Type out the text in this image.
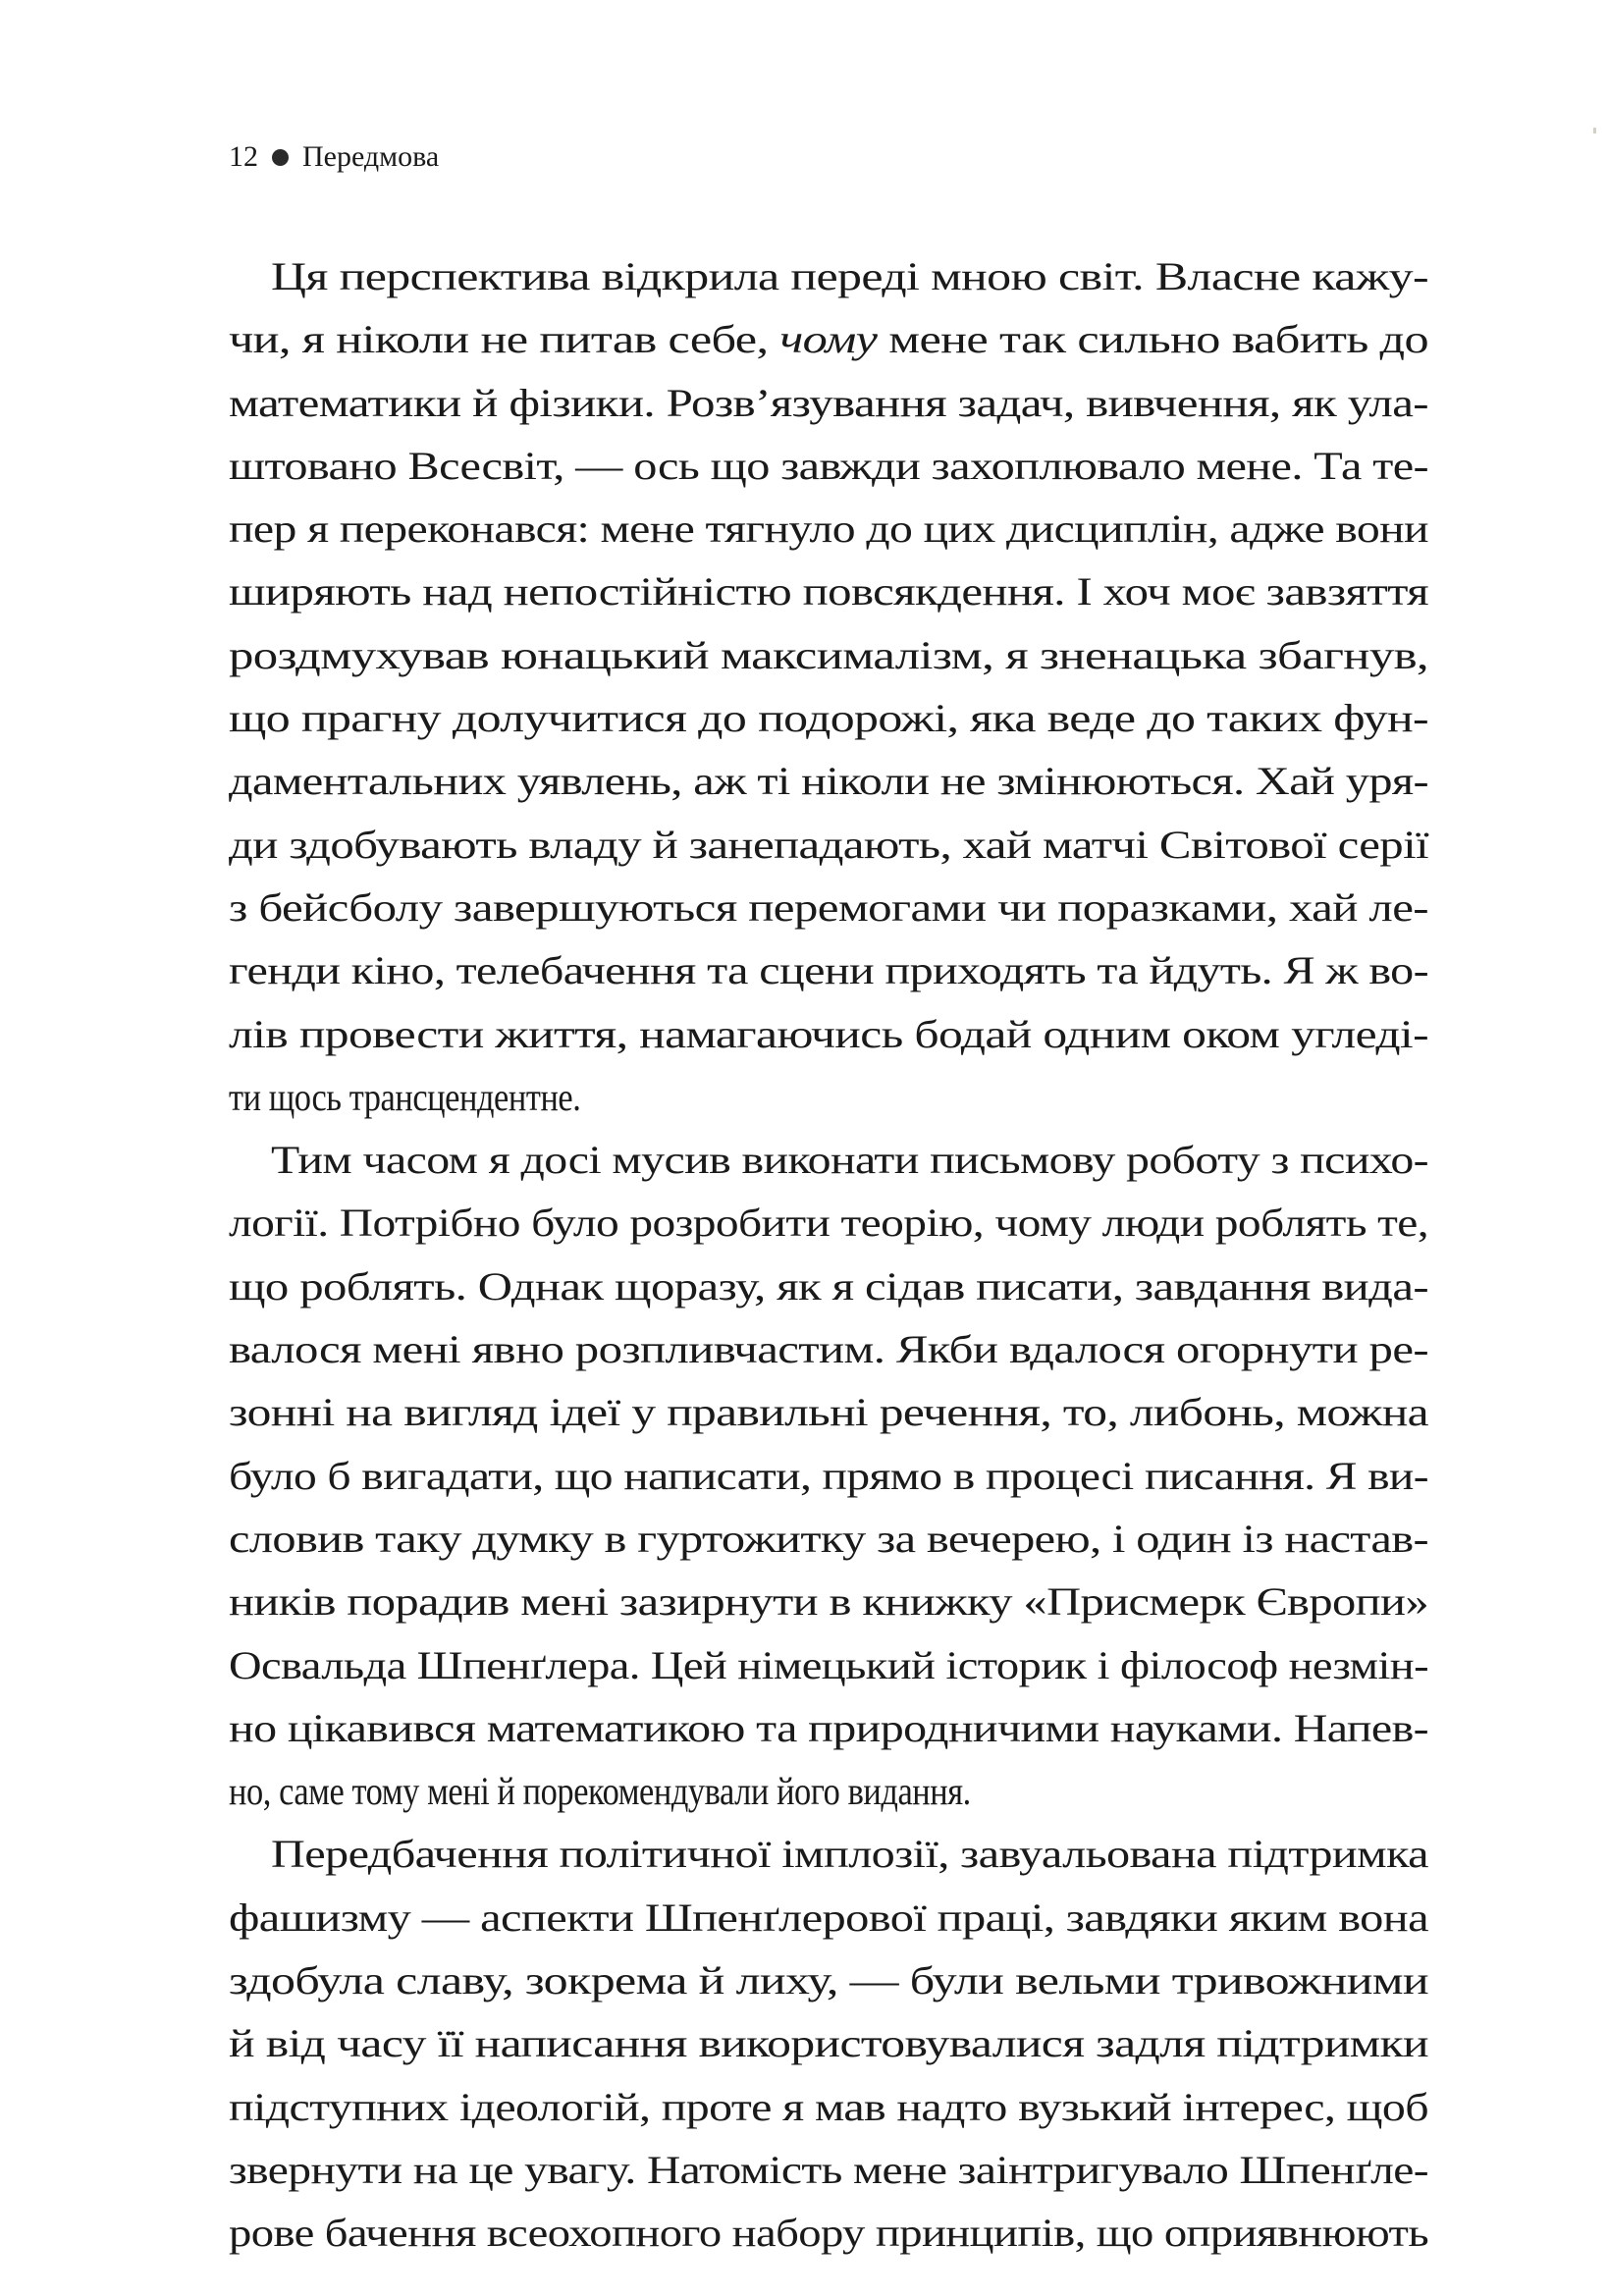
12 Передмова
Ця перспектива відкрила переді мною світ. Власне кажу-
чи, я ніколи не питав себе, чому мене так сильно вабить до
математики й фізики. Розв’язування задач, вивчення, як ула-
штовано Всесвіт, — ось що завжди захоплювало мене. Та те-
пер я переконався: мене тягнуло до цих дисциплін, адже вони
ширяють над непостійністю повсякдення. І хоч моє завзяття
роздмухував юнацький максималізм, я зненацька збагнув,
що прагну долучитися до подорожі, яка веде до таких фун-
даментальних уявлень, аж ті ніколи не змінюються. Хай уря-
ди здобувають владу й занепадають, хай матчі Світової серії
з бейсболу завершуються перемогами чи поразками, хай ле-
генди кіно, телебачення та сцени приходять та йдуть. Я ж во-
лів провести життя, намагаючись бодай одним оком угледі-
ти щось трансцендентне.
Тим часом я досі мусив виконати письмову роботу з психо-
логії. Потрібно було розробити теорію, чому люди роблять те,
що роблять. Однак щоразу, як я сідав писати, завдання вида-
валося мені явно розпливчастим. Якби вдалося огорнути ре-
зонні на вигляд ідеї у правильні речення, то, либонь, можна
було б вигадати, що написати, прямо в процесі писання. Я ви-
словив таку думку в гуртожитку за вечерею, і один із настав-
ників порадив мені зазирнути в книжку «Присмерк Європи»
Освальда Шпенґлера. Цей німецький історик і філософ незмін-
но цікавився математикою та природничими науками. Напев-
но, саме тому мені й порекомендували його видання.
Передбачення політичної імплозії, завуальована підтримка
фашизму — аспекти Шпенґлерової праці, завдяки яким вона
здобула славу, зокрема й лиху, — були вельми тривожними
й від часу її написання використовувалися задля підтримки
підступних ідеологій, проте я мав надто вузький інтерес, щоб
звернути на це увагу. Натомість мене заінтригувало Шпенґле-
рове бачення всеохопного набору принципів, що оприявнюють
